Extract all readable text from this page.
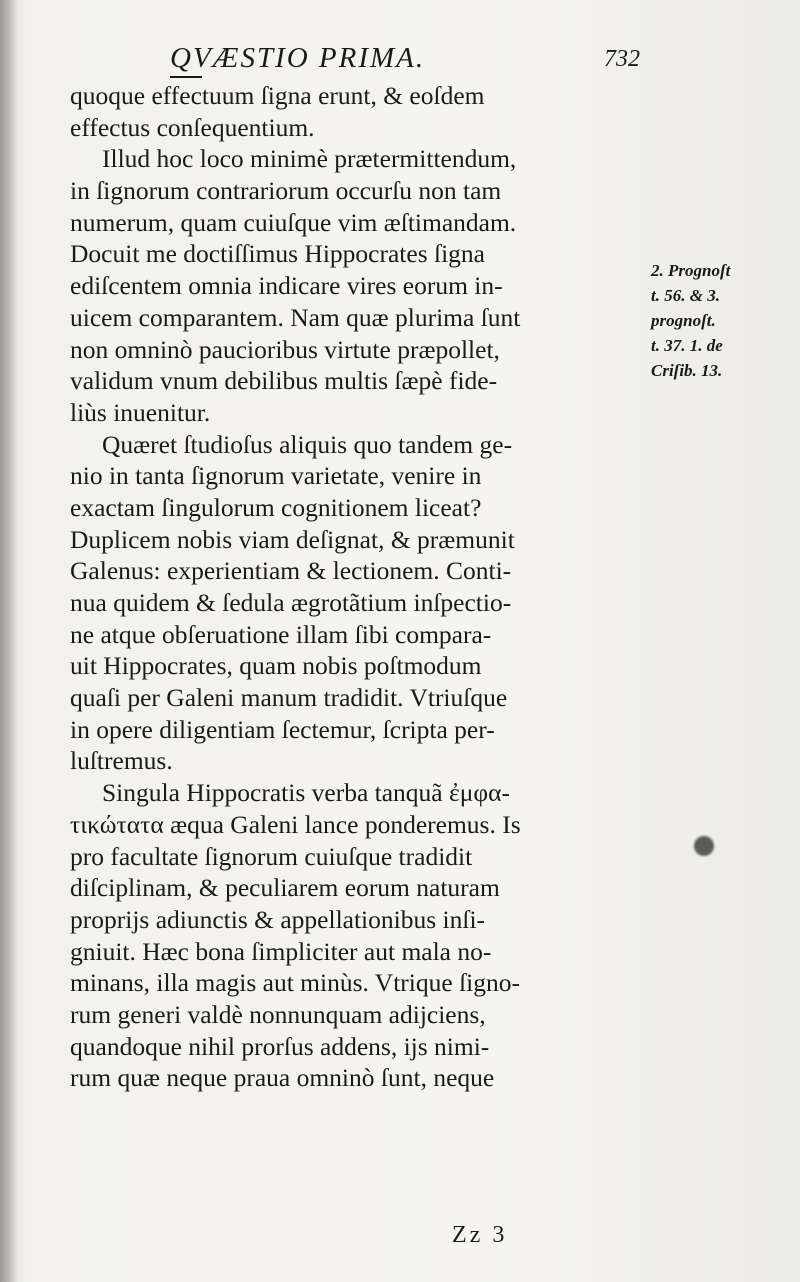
QVÆSTIO PRIMA.	732
quoque effectuum ſigna erunt, & eoſdem
effectus conſequentium.
Illud hoc loco minimè prætermittendum,
in ſignorum contrariorum occurſu non tam
numerum, quam cuiuſque vim æſtimandam.
Docuit me doctiſſimus Hippocrates ſigna
ediſcentem omnia indicare vires eorum in-
uicem comparantem. Nam quæ plurima ſunt
non omninò paucioribus virtute præpollet,
validum vnum debilibus multis ſæpè fide-
liùs inuenitur.
Quæret ſtudioſus aliquis quo tandem ge-
nio in tanta ſignorum varietate, venire in
exactam ſingulorum cognitionem liceat?
Duplicem nobis viam deſignat, & præmunit
Galenus: experientiam & lectionem. Conti-
nua quidem & ſedula ægrotãtium inſpectio-
ne atque obſeruatione illam ſibi compara-
uit Hippocrates, quam nobis poſtmodum
quaſi per Galeni manum tradidit. Vtriuſque
in opere diligentiam ſectemur, ſcripta per-
luſtremus.
Singula Hippocratis verba tanquã ἐμφα-
τικώτατα æqua Galeni lance ponderemus. Is
pro facultate ſignorum cuiuſque tradidit
diſciplinam, & peculiarem eorum naturam
proprijs adiunctis & appellationibus inſi-
gniuit. Hæc bona ſimpliciter aut mala no-
minans, illa magis aut minùs. Vtrique ſigno-
rum generi valdè nonnunquam adijciens,
quandoque nihil prorſus addens, ijs nimi-
rum quæ neque praua omninò ſunt, neque
2. Prognoſt
t. 56. & 3.
prognoſt.
t. 37. 1. de
Criſib. 13.
Zz 3
